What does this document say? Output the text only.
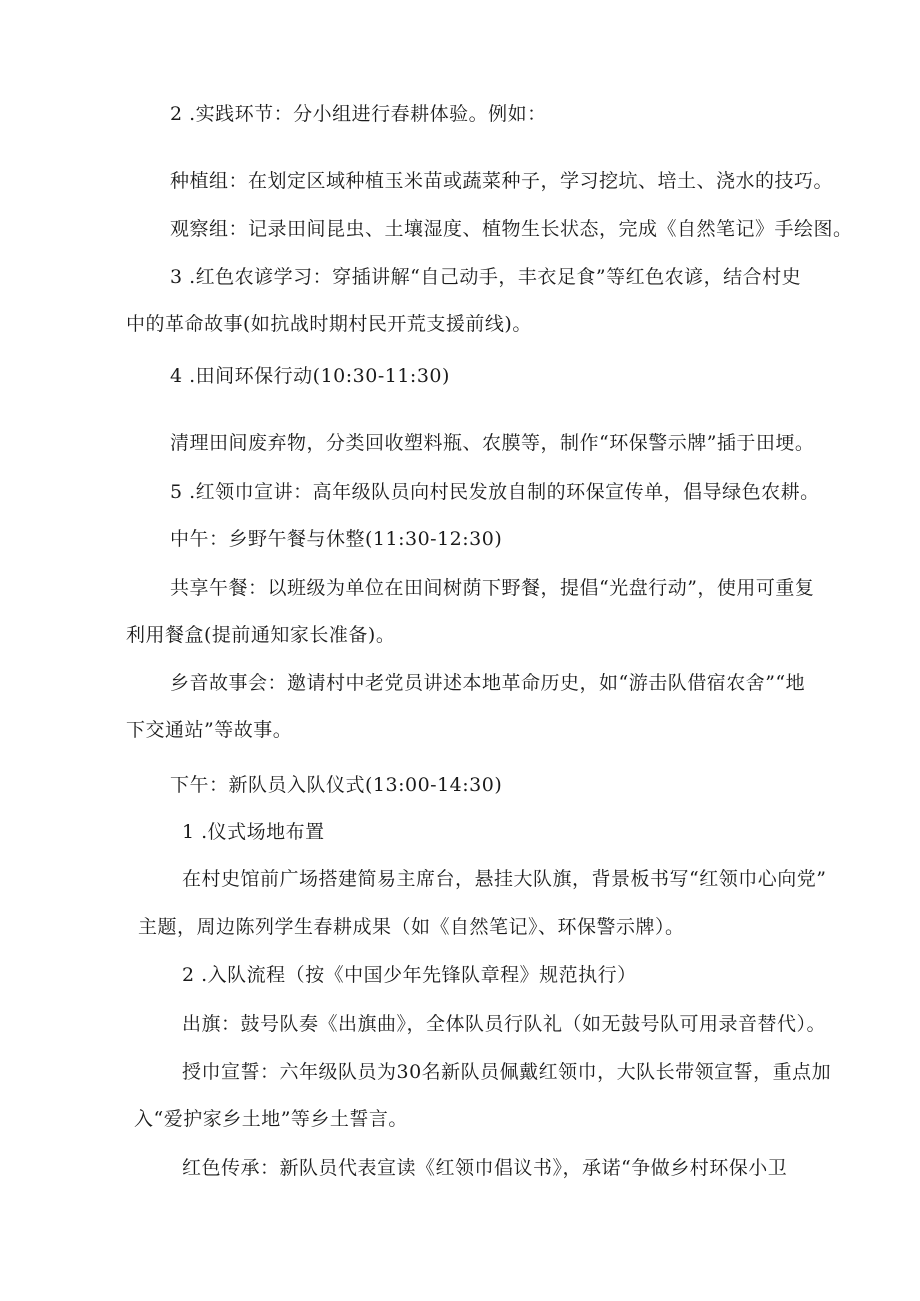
2 .实践环节：分小组进行春耕体验。例如：
种植组：在划定区域种植玉米苗或蔬菜种子，学习挖坑、培土、浇水的技巧。
观察组：记录田间昆虫、土壤湿度、植物生长状态，完成《自然笔记》手绘图。
3 .红色农谚学习：穿插讲解“自己动手，丰衣足食”等红色农谚，结合村史
中的革命故事(如抗战时期村民开荒支援前线)。
4 .田间环保行动(10:30-11:30)
清理田间废弃物，分类回收塑料瓶、农膜等，制作“环保警示牌”插于田埂。
5 .红领巾宣讲：高年级队员向村民发放自制的环保宣传单，倡导绿色农耕。
中午：乡野午餐与休整(11:30-12:30)
共享午餐：以班级为单位在田间树荫下野餐，提倡“光盘行动”，使用可重复
利用餐盒(提前通知家长准备)。
乡音故事会：邀请村中老党员讲述本地革命历史，如“游击队借宿农舍”“地
下交通站”等故事。
下午：新队员入队仪式(13:00-14:30)
1 .仪式场地布置
在村史馆前广场搭建简易主席台，悬挂大队旗，背景板书写“红领巾心向党”
主题，周边陈列学生春耕成果（如《自然笔记》、环保警示牌）。
2 .入队流程（按《中国少年先锋队章程》规范执行）
出旗：鼓号队奏《出旗曲》，全体队员行队礼（如无鼓号队可用录音替代）。
授巾宣誓：六年级队员为30名新队员佩戴红领巾，大队长带领宣誓，重点加
入“爱护家乡土地”等乡土誓言。
红色传承：新队员代表宣读《红领巾倡议书》，承诺“争做乡村环保小卫
